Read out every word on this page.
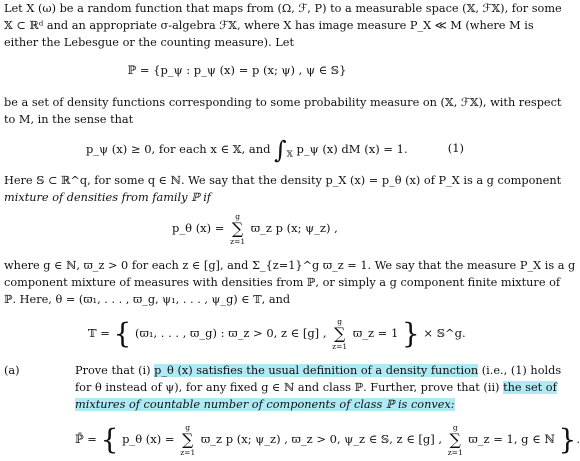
Let X (ω) be a random function that maps from (Ω, ℱ, P) to a measurable space (𝕏, ℱ𝕏), for some
𝕏 ⊂ ℝᵈ and an appropriate σ-algebra ℱ𝕏, where X has image measure P_X ≪ M (where M is
either the Lebesgue or the counting measure). Let
ℙ = {p_ψ : p_ψ (x) = p (x; ψ) , ψ ∈ 𝕊}
be a set of density functions corresponding to some probability measure on (𝕏, ℱ𝕏), with respect
to M, in the sense that
p_ψ (x) ≥ 0, for each x ∈ 𝕏, and $\int_𝕏$ p_ψ (x) dM (x) = 1.	(1)
Here 𝕊 ⊂ ℝ^q, for some q ∈ ℕ. We say that the density p_X (x) = p_θ (x) of P_X is a g component
mixture of densities from family ℙ if
p_θ (x) =
g
∑
z=1
ϖ_z p (x; ψ_z) ,
where g ∈ ℕ, ϖ_z > 0 for each z ∈ [g], and Σ_{z=1}^g ϖ_z = 1. We say that the measure P_X is a g
component mixture of measures with densities from ℙ, or simply a g component finite mixture of
ℙ. Here, θ = (ϖ₁, . . . , ϖ_g, ψ₁, . . . , ψ_g) ∈ 𝕋, and
𝕋 = { (ϖ₁, . . . , ϖ_g) : ϖ_z > 0, z ∈ [g] ,
g
∑
z=1
ϖ_z = 1 } × 𝕊^g.
(a)	Prove that (i) p_θ (x) satisfies the usual definition of a density function (i.e., (1) holds
for θ instead of ψ), for any fixed g ∈ ℕ and class ℙ. Further, prove that (ii) the set of
mixtures of countable number of components of class ℙ is convex:
ℙ̄ = { p_θ (x) =
g
∑
z=1
ϖ_z p (x; ψ_z) , ϖ_z > 0, ψ_z ∈ 𝕊, z ∈ [g] ,
g
∑
z=1
ϖ_z = 1, g ∈ ℕ }.
